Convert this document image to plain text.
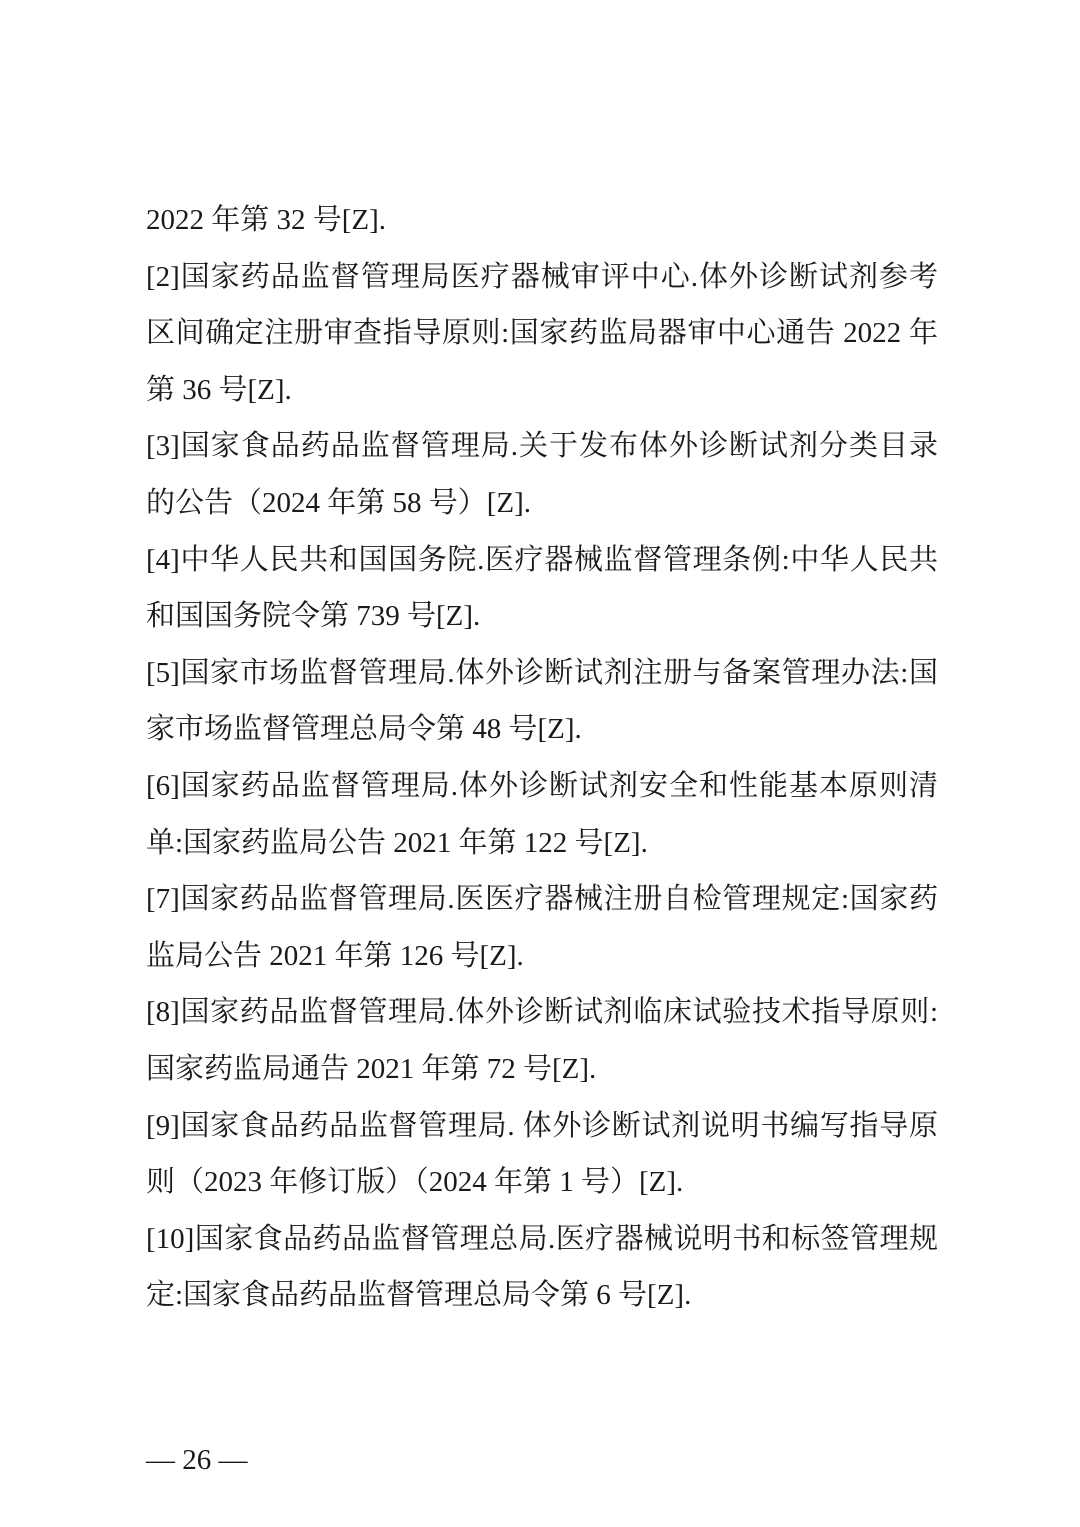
2022 年第 32 号[Z].
[2]国家药品监督管理局医疗器械审评中心.体外诊断试剂参考
区间确定注册审查指导原则:国家药监局器审中心通告 2022 年
第 36 号[Z].
[3]国家食品药品监督管理局.关于发布体外诊断试剂分类目录
的公告（2024 年第 58 号）[Z].
[4]中华人民共和国国务院.医疗器械监督管理条例:中华人民共
和国国务院令第 739 号[Z].
[5]国家市场监督管理局.体外诊断试剂注册与备案管理办法:国
家市场监督管理总局令第 48 号[Z].
[6]国家药品监督管理局.体外诊断试剂安全和性能基本原则清
单:国家药监局公告 2021 年第 122 号[Z].
[7]国家药品监督管理局.医医疗器械注册自检管理规定:国家药
监局公告 2021 年第 126 号[Z].
[8]国家药品监督管理局.体外诊断试剂临床试验技术指导原则:
国家药监局通告 2021 年第 72 号[Z].
[9]国家食品药品监督管理局. 体外诊断试剂说明书编写指导原
则（2023 年修订版）（2024 年第 1 号）[Z].
[10]国家食品药品监督管理总局.医疗器械说明书和标签管理规
定:国家食品药品监督管理总局令第 6 号[Z].
— 26 —
